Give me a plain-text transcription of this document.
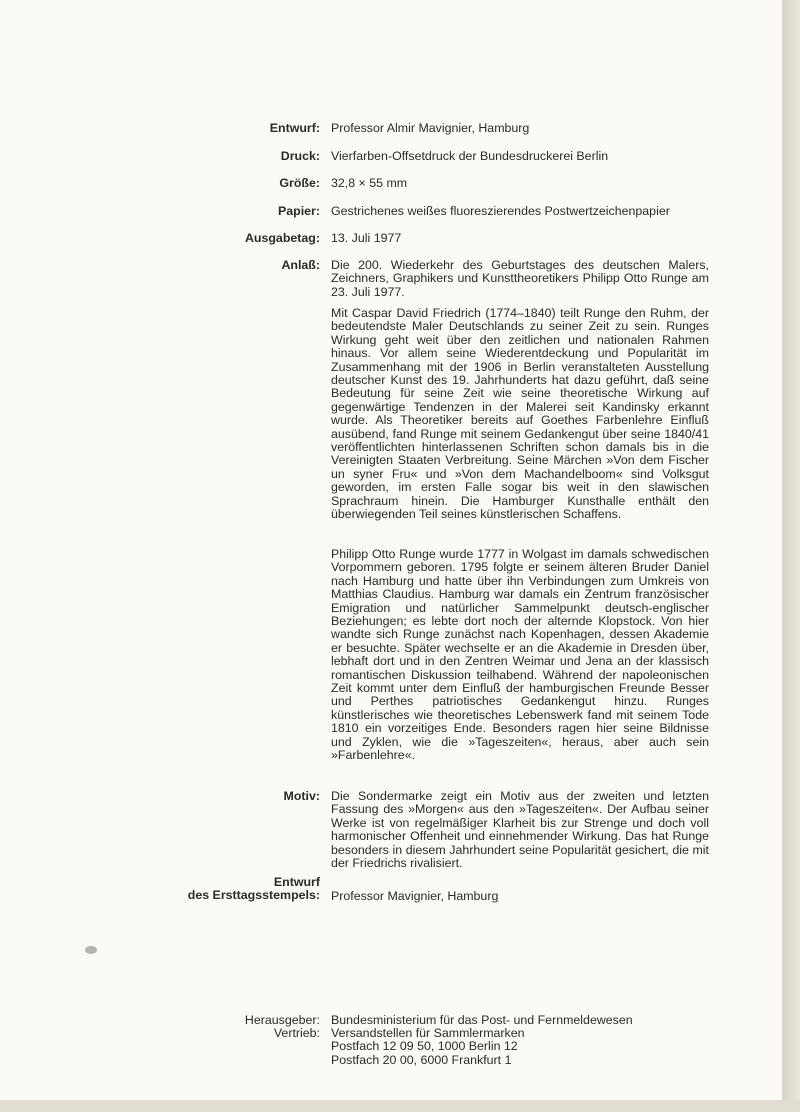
Entwurf: Professor Almir Mavignier, Hamburg
Druck: Vierfarben-Offsetdruck der Bundesdruckerei Berlin
Größe: 32,8 × 55 mm
Papier: Gestrichenes weißes fluoreszierendes Postwertzeichenpapier
Ausgabetag: 13. Juli 1977
Anlaß: Die 200. Wiederkehr des Geburtstages des deutschen Malers, Zeichners, Graphikers und Kunsttheoretikers Philipp Otto Runge am 23. Juli 1977.
Mit Caspar David Friedrich (1774–1840) teilt Runge den Ruhm, der bedeutendste Maler Deutschlands zu seiner Zeit zu sein. Runges Wirkung geht weit über den zeitlichen und nationalen Rahmen hinaus. Vor allem seine Wiederentdeckung und Popularität im Zusammenhang mit der 1906 in Berlin veranstalteten Ausstellung deutscher Kunst des 19. Jahrhunderts hat dazu geführt, daß seine Bedeutung für seine Zeit wie seine theoretische Wirkung auf gegenwärtige Tendenzen in der Malerei seit Kandinsky erkannt wurde. Als Theoretiker bereits auf Goethes Farbenlehre Einfluß ausübend, fand Runge mit seinem Gedankengut über seine 1840/41 veröffentlichten hinterlassenen Schriften schon damals bis in die Vereinigten Staaten Verbreitung. Seine Märchen »Von dem Fischer un syner Fru« und »Von dem Machandelboom« sind Volksgut geworden, im ersten Falle sogar bis weit in den slawischen Sprachraum hinein. Die Hamburger Kunsthalle enthält den überwiegenden Teil seines künstlerischen Schaffens.
Philipp Otto Runge wurde 1777 in Wolgast im damals schwedischen Vorpommern geboren. 1795 folgte er seinem älteren Bruder Daniel nach Hamburg und hatte über ihn Verbindungen zum Umkreis von Matthias Claudius. Hamburg war damals ein Zentrum französischer Emigration und natürlicher Sammelpunkt deutsch-englischer Beziehungen; es lebte dort noch der alternde Klopstock. Von hier wandte sich Runge zunächst nach Kopenhagen, dessen Akademie er besuchte. Später wechselte er an die Akademie in Dresden über, lebhaft dort und in den Zentren Weimar und Jena an der klassisch romantischen Diskussion teilhabend. Während der napoleonischen Zeit kommt unter dem Einfluß der hamburgischen Freunde Besser und Perthes patriotisches Gedankengut hinzu. Runges künstlerisches wie theoretisches Lebenswerk fand mit seinem Tode 1810 ein vorzeitiges Ende. Besonders ragen hier seine Bildnisse und Zyklen, wie die »Tageszeiten«, heraus, aber auch sein »Farbenlehre«.
Motiv: Die Sondermarke zeigt ein Motiv aus der zweiten und letzten Fassung des »Morgen« aus den »Tageszeiten«. Der Aufbau seiner Werke ist von regelmäßiger Klarheit bis zur Strenge und doch voll harmonischer Offenheit und einnehmender Wirkung. Das hat Runge besonders in diesem Jahrhundert seine Popularität gesichert, die mit der Friedrichs rivalisiert.
Entwurf
des Ersttagsstempels: Professor Mavignier, Hamburg
Herausgeber: Bundesministerium für das Post- und Fernmeldewesen
Vertrieb: Versandstellen für Sammlermarken
Postfach 12 09 50, 1000 Berlin 12
Postfach 20 00, 6000 Frankfurt 1
